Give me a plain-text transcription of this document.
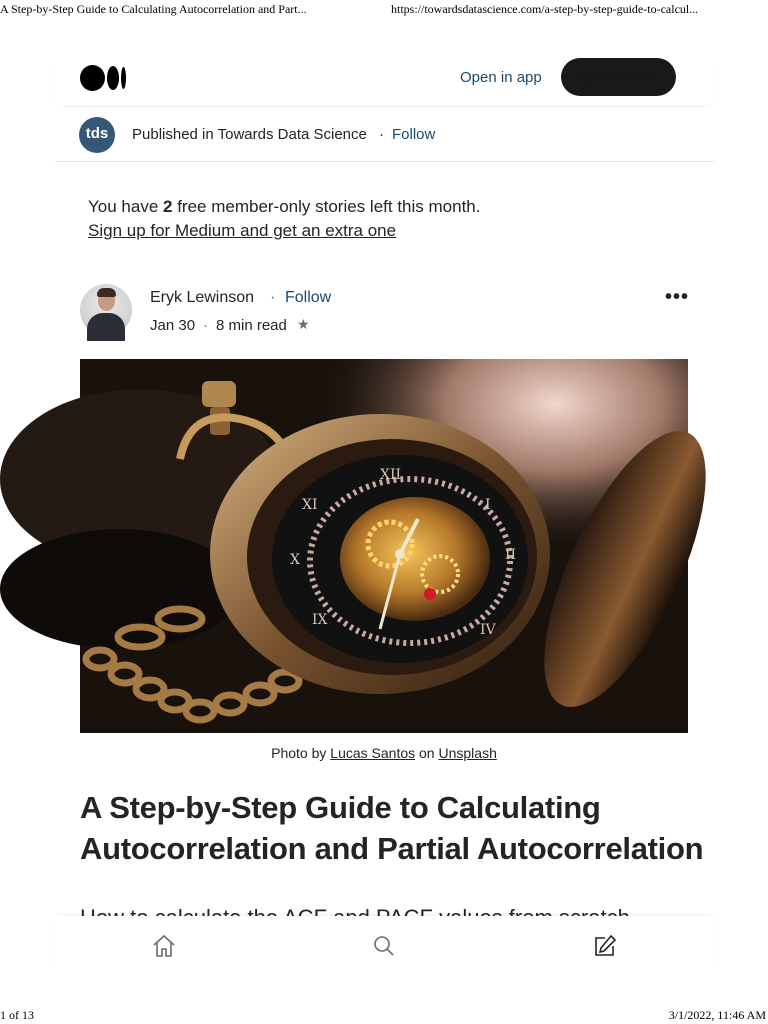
A Step-by-Step Guide to Calculating Autocorrelation and Part...	https://towardsdatascience.com/a-step-by-step-guide-to-calcul...
Open in app	Get started
tds	Published in Towards Data Science · Follow
You have 2 free member-only stories left this month.
Sign up for Medium and get an extra one
Eryk Lewinson · Follow
Jan 30 · 8 min read ★
•••
XI
X
IX
XII
I
II
IV
Photo by Lucas Santos on Unsplash
A Step-by-Step Guide to Calculating Autocorrelation and Partial Autocorrelation
1 of 13	3/1/2022, 11:46 AM
